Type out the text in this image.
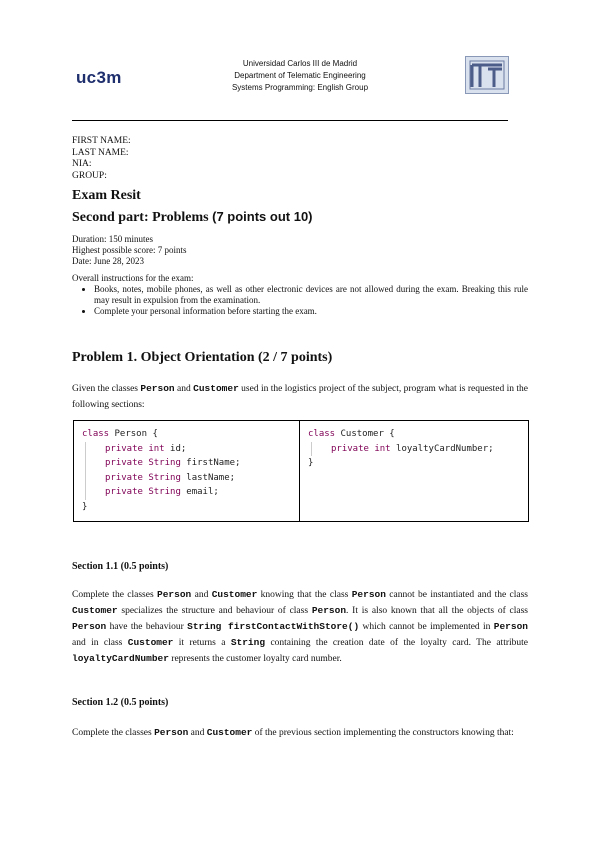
uc3m
Universidad Carlos III de Madrid
Department of Telematic Engineering
Systems Programming: English Group
FIRST NAME:
LAST NAME:
NIA:
GROUP:
Exam Resit
Second part: Problems (7 points out 10)
Duration: 150 minutes
Highest possible score: 7 points
Date: June 28, 2023
Overall instructions for the exam:
• Books, notes, mobile phones, as well as other electronic devices are not allowed during the exam. Breaking this rule may result in expulsion from the examination.
• Complete your personal information before starting the exam.
Problem 1. Object Orientation (2 / 7 points)
Given the classes Person and Customer used in the logistics project of the subject, program what is requested in the following sections:
class Person {
private int id;
private String firstName;
private String lastName;
private String email;
}
class Customer {
private int loyaltyCardNumber;
}
Section 1.1 (0.5 points)
Complete the classes Person and Customer knowing that the class Person cannot be instantiated and the class Customer specializes the structure and behaviour of class Person. It is also known that all the objects of class Person have the behaviour String firstContactWithStore() which cannot be implemented in Person and in class Customer it returns a String containing the creation date of the loyalty card. The attribute loyaltyCardNumber represents the customer loyalty card number.
Section 1.2 (0.5 points)
Complete the classes Person and Customer of the previous section implementing the constructors knowing that:
